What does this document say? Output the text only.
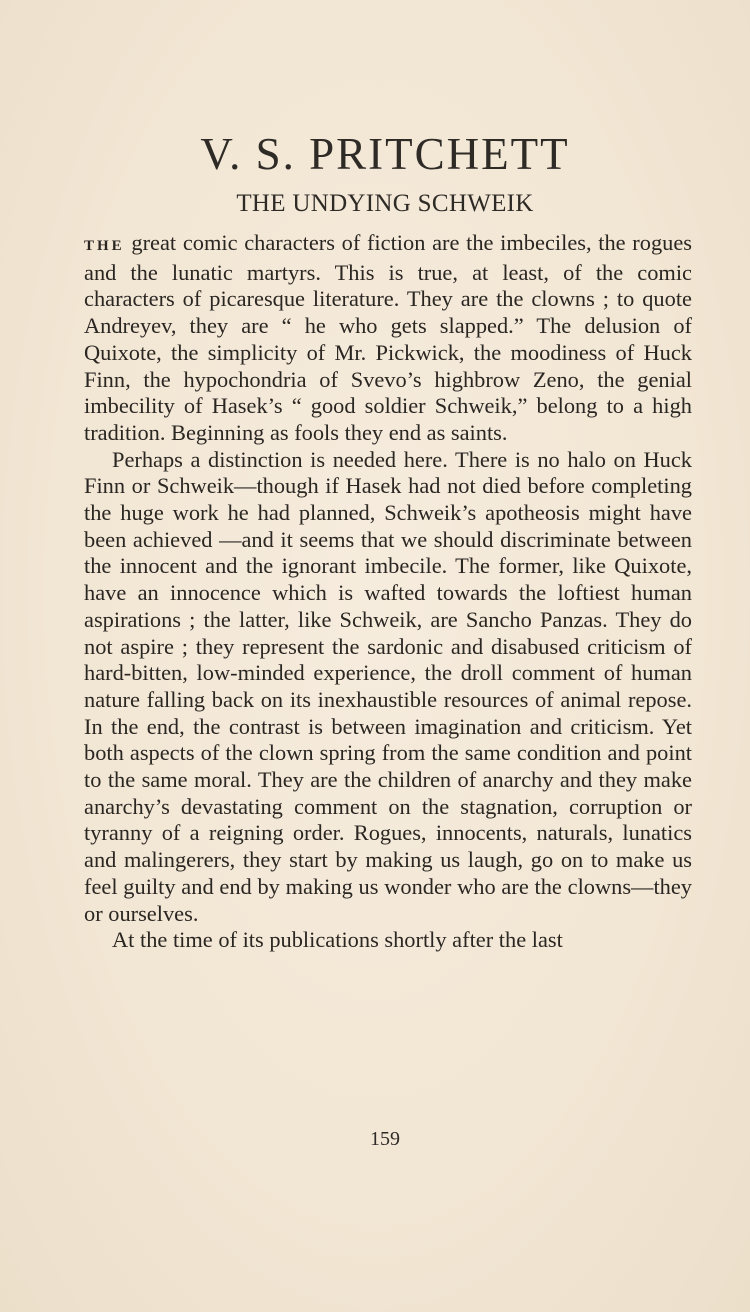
V. S. PRITCHETT
THE UNDYING SCHWEIK

THE great comic characters of fiction are the imbeciles, the rogues and the lunatic martyrs. This is true, at least, of the comic characters of picaresque literature. They are the clowns ; to quote Andreyev, they are “ he who gets slapped.” The delusion of Quixote, the simplicity of Mr. Pickwick, the moodiness of Huck Finn, the hypochondria of Svevo’s highbrow Zeno, the genial imbecility of Hasek’s “ good soldier Schweik,” belong to a high tradition. Beginning as fools they end as saints.

Perhaps a distinction is needed here. There is no halo on Huck Finn or Schweik—though if Hasek had not died before completing the huge work he had planned, Schweik’s apotheosis might have been achieved —and it seems that we should discriminate between the innocent and the ignorant imbecile. The former, like Quixote, have an innocence which is wafted towards the loftiest human aspirations ; the latter, like Schweik, are Sancho Panzas. They do not aspire ; they represent the sardonic and disabused criticism of hard-bitten, low-minded experience, the droll comment of human nature falling back on its inexhaustible resources of animal repose. In the end, the contrast is between imagination and criticism. Yet both aspects of the clown spring from the same condition and point to the same moral. They are the children of anarchy and they make anarchy’s devastating comment on the stagnation, corruption or tyranny of a reigning order. Rogues, innocents, naturals, lunatics and malingerers, they start by making us laugh, go on to make us feel guilty and end by making us wonder who are the clowns—they or ourselves.

At the time of its publications shortly after the last

159
